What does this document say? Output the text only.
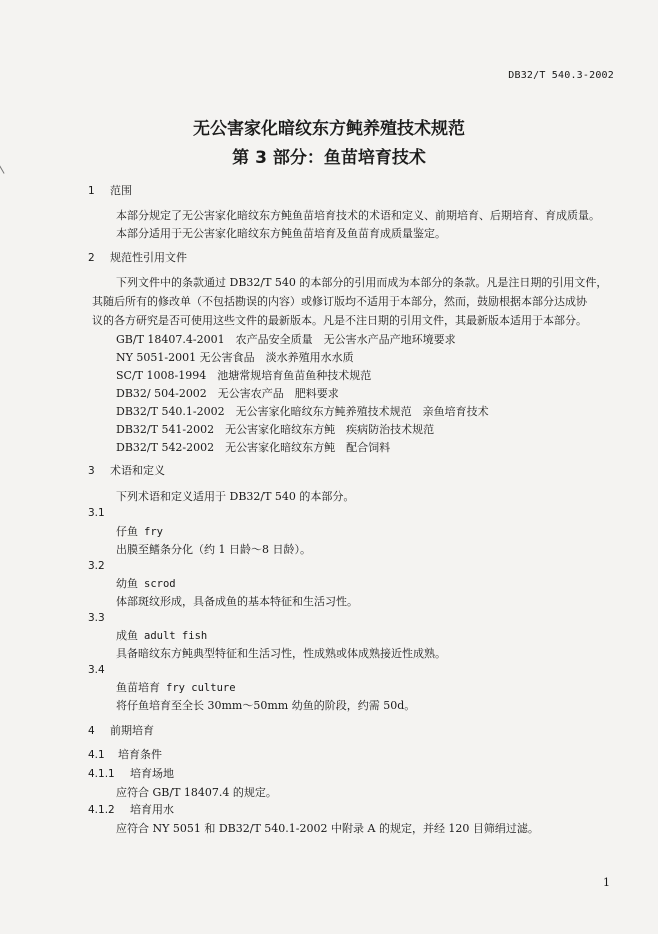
DB32/T 540.3-2002
无公害家化暗纹东方鲀养殖技术规范
第 3 部分：鱼苗培育技术
1 范围
本部分规定了无公害家化暗纹东方鲀鱼苗培育技术的术语和定义、前期培育、后期培育、育成质量。
本部分适用于无公害家化暗纹东方鲀鱼苗培育及鱼苗育成质量鉴定。
2 规范性引用文件
下列文件中的条款通过 DB32/T 540 的本部分的引用而成为本部分的条款。凡是注日期的引用文件，
其随后所有的修改单（不包括勘误的内容）或修订版均不适用于本部分，然而，鼓励根据本部分达成协
议的各方研究是否可使用这些文件的最新版本。凡是不注日期的引用文件，其最新版本适用于本部分。
GB/T 18407.4-2001　农产品安全质量　无公害水产品产地环境要求
NY 5051-2001 无公害食品　淡水养殖用水水质
SC/T 1008-1994　池塘常规培育鱼苗鱼种技术规范
DB32/ 504-2002　无公害农产品　肥料要求
DB32/T 540.1-2002　无公害家化暗纹东方鲀养殖技术规范　亲鱼培育技术
DB32/T 541-2002　无公害家化暗纹东方鲀　疾病防治技术规范
DB32/T 542-2002　无公害家化暗纹东方鲀　配合饲料
3 术语和定义
下列术语和定义适用于 DB32/T 540 的本部分。
3.1
仔鱼 fry
出膜至鳍条分化（约 1 日龄～8 日龄）。
3.2
幼鱼 scrod
体部斑纹形成，具备成鱼的基本特征和生活习性。
3.3
成鱼 adult fish
具备暗纹东方鲀典型特征和生活习性，性成熟或体成熟接近性成熟。
3.4
鱼苗培育 fry culture
将仔鱼培育至全长 30mm～50mm 幼鱼的阶段，约需 50d。
4 前期培育
4.1 培育条件
4.1.1 培育场地
应符合 GB/T 18407.4 的规定。
4.1.2 培育用水
应符合 NY 5051 和 DB32/T 540.1-2002 中附录 A 的规定，并经 120 目筛绢过滤。
1
